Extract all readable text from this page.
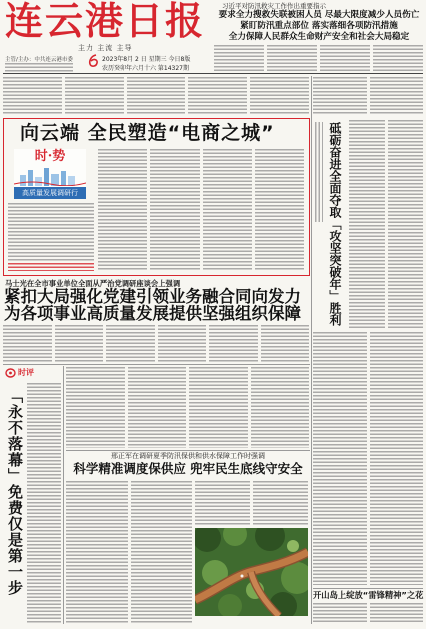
连云港日报
主力 主流 主导
主管/主办：中共连云港市委	2023年8月 2 日 星期三 今日8版
农历癸卯年六月十六 第14327期
习近平对防汛救灾工作作出重要指示
要求全力搜救失联被困人员 尽最大限度减少人员伤亡
紧盯防汛重点部位 落实落细各项防汛措施
全力保障人民群众生命财产安全和社会大局稳定
向云端 全民塑造“电商之城”
时·势
高质量发展调研行
马士光在全市事业单位全面从严治党调研座谈会上强调
紧扣大局强化党建引领业务融合同向发力
为各项事业高质量发展提供坚强组织保障
时评
「永不落幕」免费仅是第一步	邢正军在调研夏季防汛保供和供水保障工作时强调
科学精准调度保供应 兜牢民生底线守安全
砥砺奋进全面夺取「攻坚突破年」胜利
开山岛上绽放“雷锋精神”之花
